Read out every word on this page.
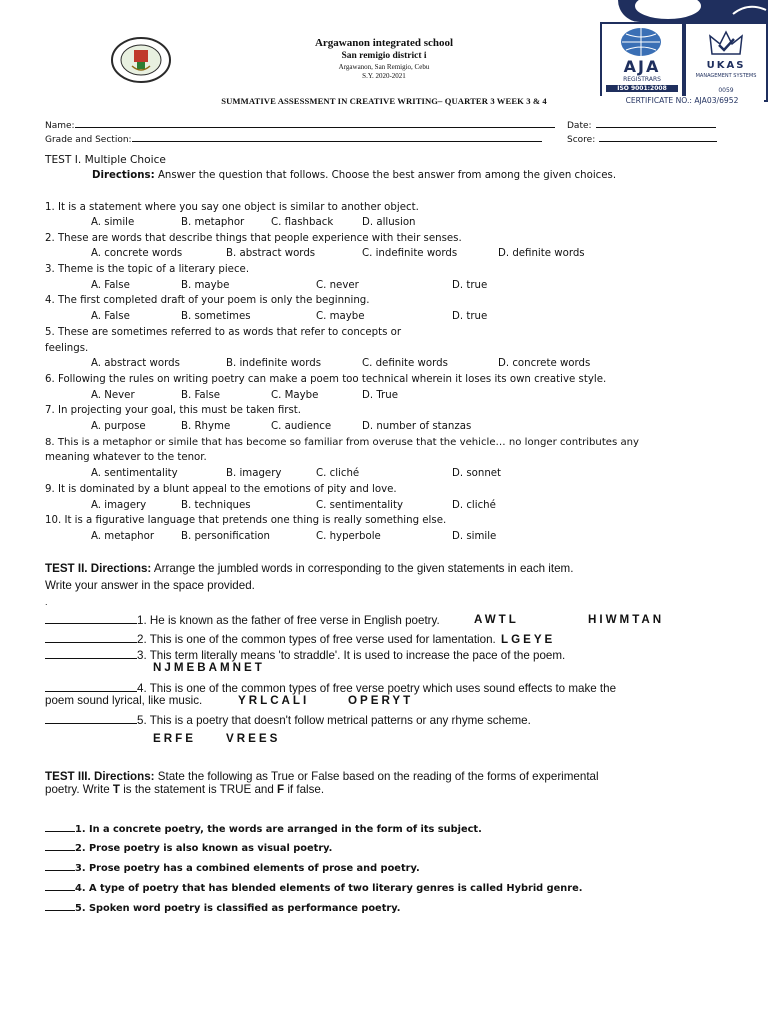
Argawanon integrated school
San remigio district i
Argawanon, San Remigio, Cebu
S.Y. 2020-2021
SUMMATIVE ASSESSMENT IN CREATIVE WRITING– QUARTER 3 WEEK 3 & 4
AJA
REGISTRARS
ISO 9001:2008
UKAS
MANAGEMENT SYSTEMS
0059
CERTIFICATE NO.: AJA03/6952
Name:	Date:
Grade and Section:	Score:
TEST I. Multiple Choice
Directions: Answer the question that follows. Choose the best answer from among the given choices.
1. It is a statement where you say one object is similar to another object.
A. simile	B. metaphor	C. flashback	D. allusion
2. These are words that describe things that people experience with their senses.
A. concrete words	B. abstract words	C. indefinite words	D. definite words
3. Theme is the topic of a literary piece.
A. False	B. maybe	C. never	D. true
4. The first completed draft of your poem is only the beginning.
A. False	B. sometimes	C. maybe	D. true
5. These are sometimes referred to as words that refer to concepts or
feelings.
A. abstract words	B. indefinite words	C. definite words	D. concrete words
6. Following the rules on writing poetry can make a poem too technical wherein it loses its own creative style.
A. Never	B. False	C. Maybe	D. True
7. In projecting your goal, this must be taken first.
A. purpose	B. Rhyme	C. audience	D. number of stanzas
8. This is a metaphor or simile that has become so familiar from overuse that the vehicle… no longer contributes any
meaning whatever to the tenor.
A. sentimentality	B. imagery	C. cliché	D. sonnet
9. It is dominated by a blunt appeal to the emotions of pity and love.
A. imagery	B. techniques	C. sentimentality	D. cliché
10. It is a figurative language that pretends one thing is really something else.
A. metaphor	B. personification	C. hyperbole	D. simile
TEST II. Directions: Arrange the jumbled words in corresponding to the given statements in each item.
Write your answer in the space provided.
.
1. He is known as the father of free verse in English poetry.	AWTL	HIWMTAN
2. This is one of the common types of free verse used for lamentation. LGEYE
3. This term literally means 'to straddle'. It is used to increase the pace of the poem.
NJMEBAMNET
4. This is one of the common types of free verse poetry which uses sound effects to make the
poem sound lyrical, like music.	YRLCALI	OPERYT
5. This is a poetry that doesn't follow metrical patterns or any rhyme scheme.
ERFE	VREES
TEST III. Directions: State the following as True or False based on the reading of the forms of experimental
poetry. Write T is the statement is TRUE and F if false.
1. In a concrete poetry, the words are arranged in the form of its subject.
2. Prose poetry is also known as visual poetry.
3. Prose poetry has a combined elements of prose and poetry.
4. A type of poetry that has blended elements of two literary genres is called Hybrid genre.
5. Spoken word poetry is classified as performance poetry.
